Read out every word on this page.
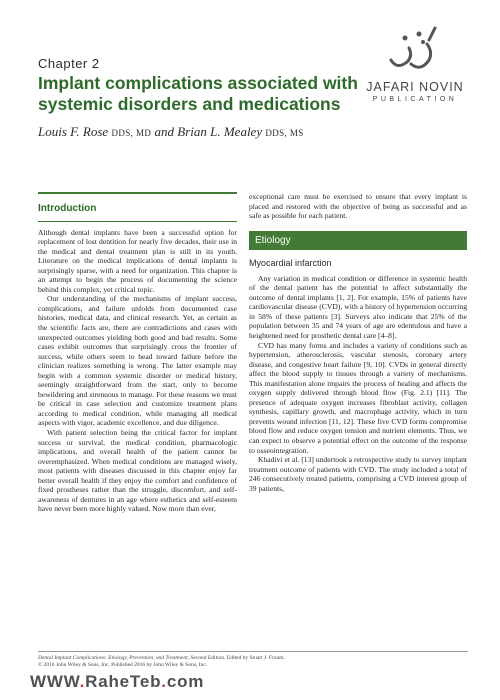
Chapter 2
Implant complications associated with systemic disorders and medications
Louis F. Rose DDS, MD and Brian L. Mealey DDS, MS
JAFARI NOVIN
PUBLICATION
Introduction

Although dental implants have been a successful option for replacement of lost dentition for nearly five decades, their use in the medical and dental treatment plan is still in its youth. Literature on the medical implications of dental implants is surprisingly sparse, with a need for organization. This chapter is an attempt to begin the process of documenting the science behind this complex, yet critical topic.

Our understanding of the mechanisms of implant success, complications, and failure unfolds from documented case histories, medical data, and clinical research. Yet, as certain as the scientific facts are, there are contradictions and cases with unexpected outcomes yielding both good and bad results. Some cases exhibit outcomes that surprisingly cross the frontier of success, while others seem to head toward failure before the clinician realizes something is wrong. The latter example may begin with a common systemic disorder or medical history, seemingly straightforward from the start, only to become bewildering and strenuous to manage. For these reasons we must be critical in case selection and customize treatment plans according to medical condition, while managing all medical aspects with vigor, academic excellence, and due diligence.

With patient selection being the critical factor for implant success or survival, the medical condition, pharmacologic implications, and overall health of the patient cannot be overemphasized. When medical conditions are managed wisely, most patients with diseases discussed in this chapter enjoy far better overall health if they enjoy the comfort and confidence of fixed prostheses rather than the struggle, discomfort, and self-awareness of dentures in an age where esthetics and self-esteem have never been more highly valued. Now more than ever,

exceptional care must be exercised to ensure that every implant is placed and restored with the objective of being as successful and as safe as possible for each patient.

Etiology
Myocardial infarction

Any variation in medical condition or difference in systemic health of the dental patient has the potential to affect substantially the outcome of dental implants [1, 2]. For example, 15% of patients have cardiovascular disease (CVD), with a history of hypertension occurring in 58% of these patients [3]. Surveys also indicate that 25% of the population between 35 and 74 years of age are edentulous and have a heightened need for prosthetic dental care [4–8].

CVD has many forms and includes a variety of conditions such as hypertension, atherosclerosis, vascular stenosis, coronary artery disease, and congestive heart failure [9, 10]. CVDs in general directly affect the blood supply to tissues through a variety of mechanisms. This manifestation alone impairs the process of healing and affects the oxygen supply delivered through blood flow (Fig. 2.1) [11]. The presence of adequate oxygen increases fibroblast activity, collagen synthesis, capillary growth, and macrophage activity, which in turn prevents wound infection [11, 12]. These five CVD forms compromise blood flow and reduce oxygen tension and nutrient elements. Thus, we can expect to observe a potential effect on the outcome of the response to osseointegration.

Khadivi et al. [13] undertook a retrospective study to survey implant treatment outcome of patients with CVD. The study included a total of 246 consecutively treated patients, comprising a CVD interest group of 39 patients,

Dental Implant Complications: Etiology, Prevention, and Treatment, Second Edition. Edited by Stuart J. Froum.
© 2016 John Wiley & Sons, Inc. Published 2016 by John Wiley & Sons, Inc.
WWW.RaheTeb.com
